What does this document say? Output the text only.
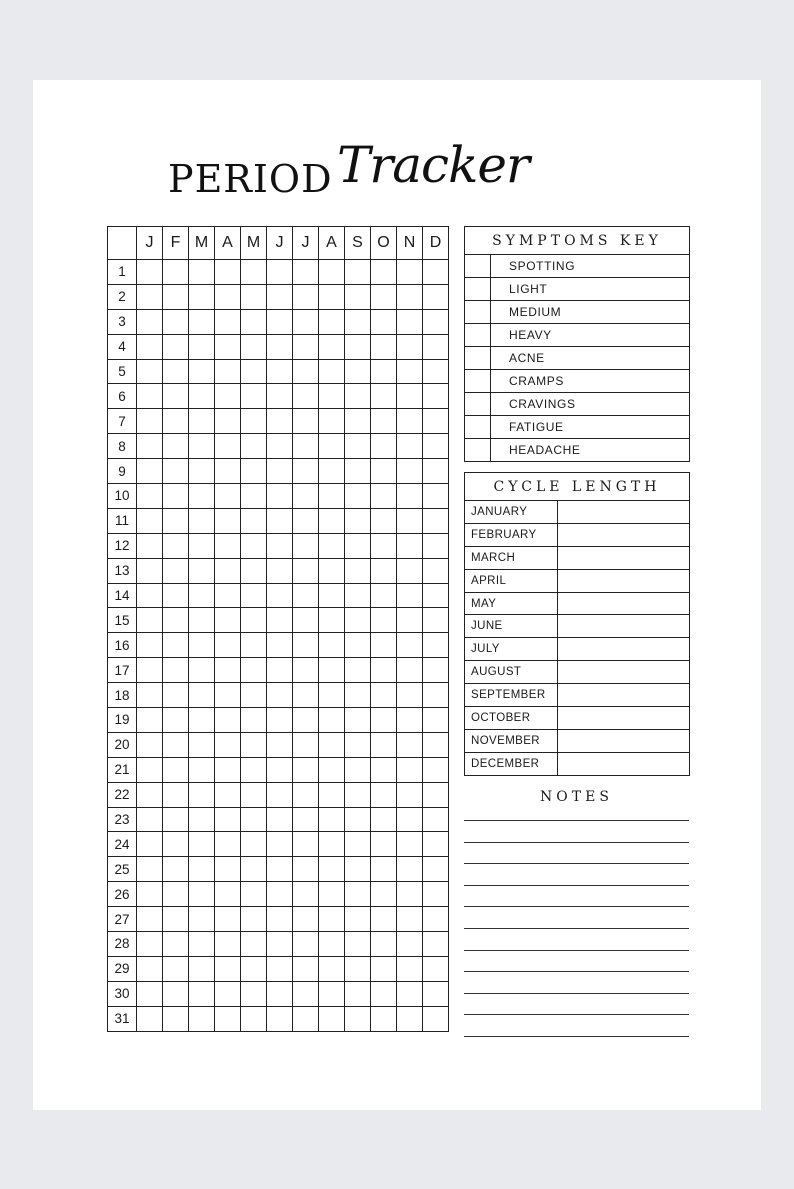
PERIOD Tracker
	J	F	M	A	M	J	J	A	S	O	N	D
1												
2												
3												
4												
5												
6												
7												
8												
9												
10												
11												
12												
13												
14												
15												
16												
17												
18												
19												
20												
21												
22												
23												
24												
25												
26												
27												
28												
29												
30												
31												
SYMPTOMS KEY
SPOTTING
LIGHT
MEDIUM
HEAVY
ACNE
CRAMPS
CRAVINGS
FATIGUE
HEADACHE
CYCLE LENGTH
JANUARY
FEBRUARY
MARCH
APRIL
MAY
JUNE
JULY
AUGUST
SEPTEMBER
OCTOBER
NOVEMBER
DECEMBER
NOTES
